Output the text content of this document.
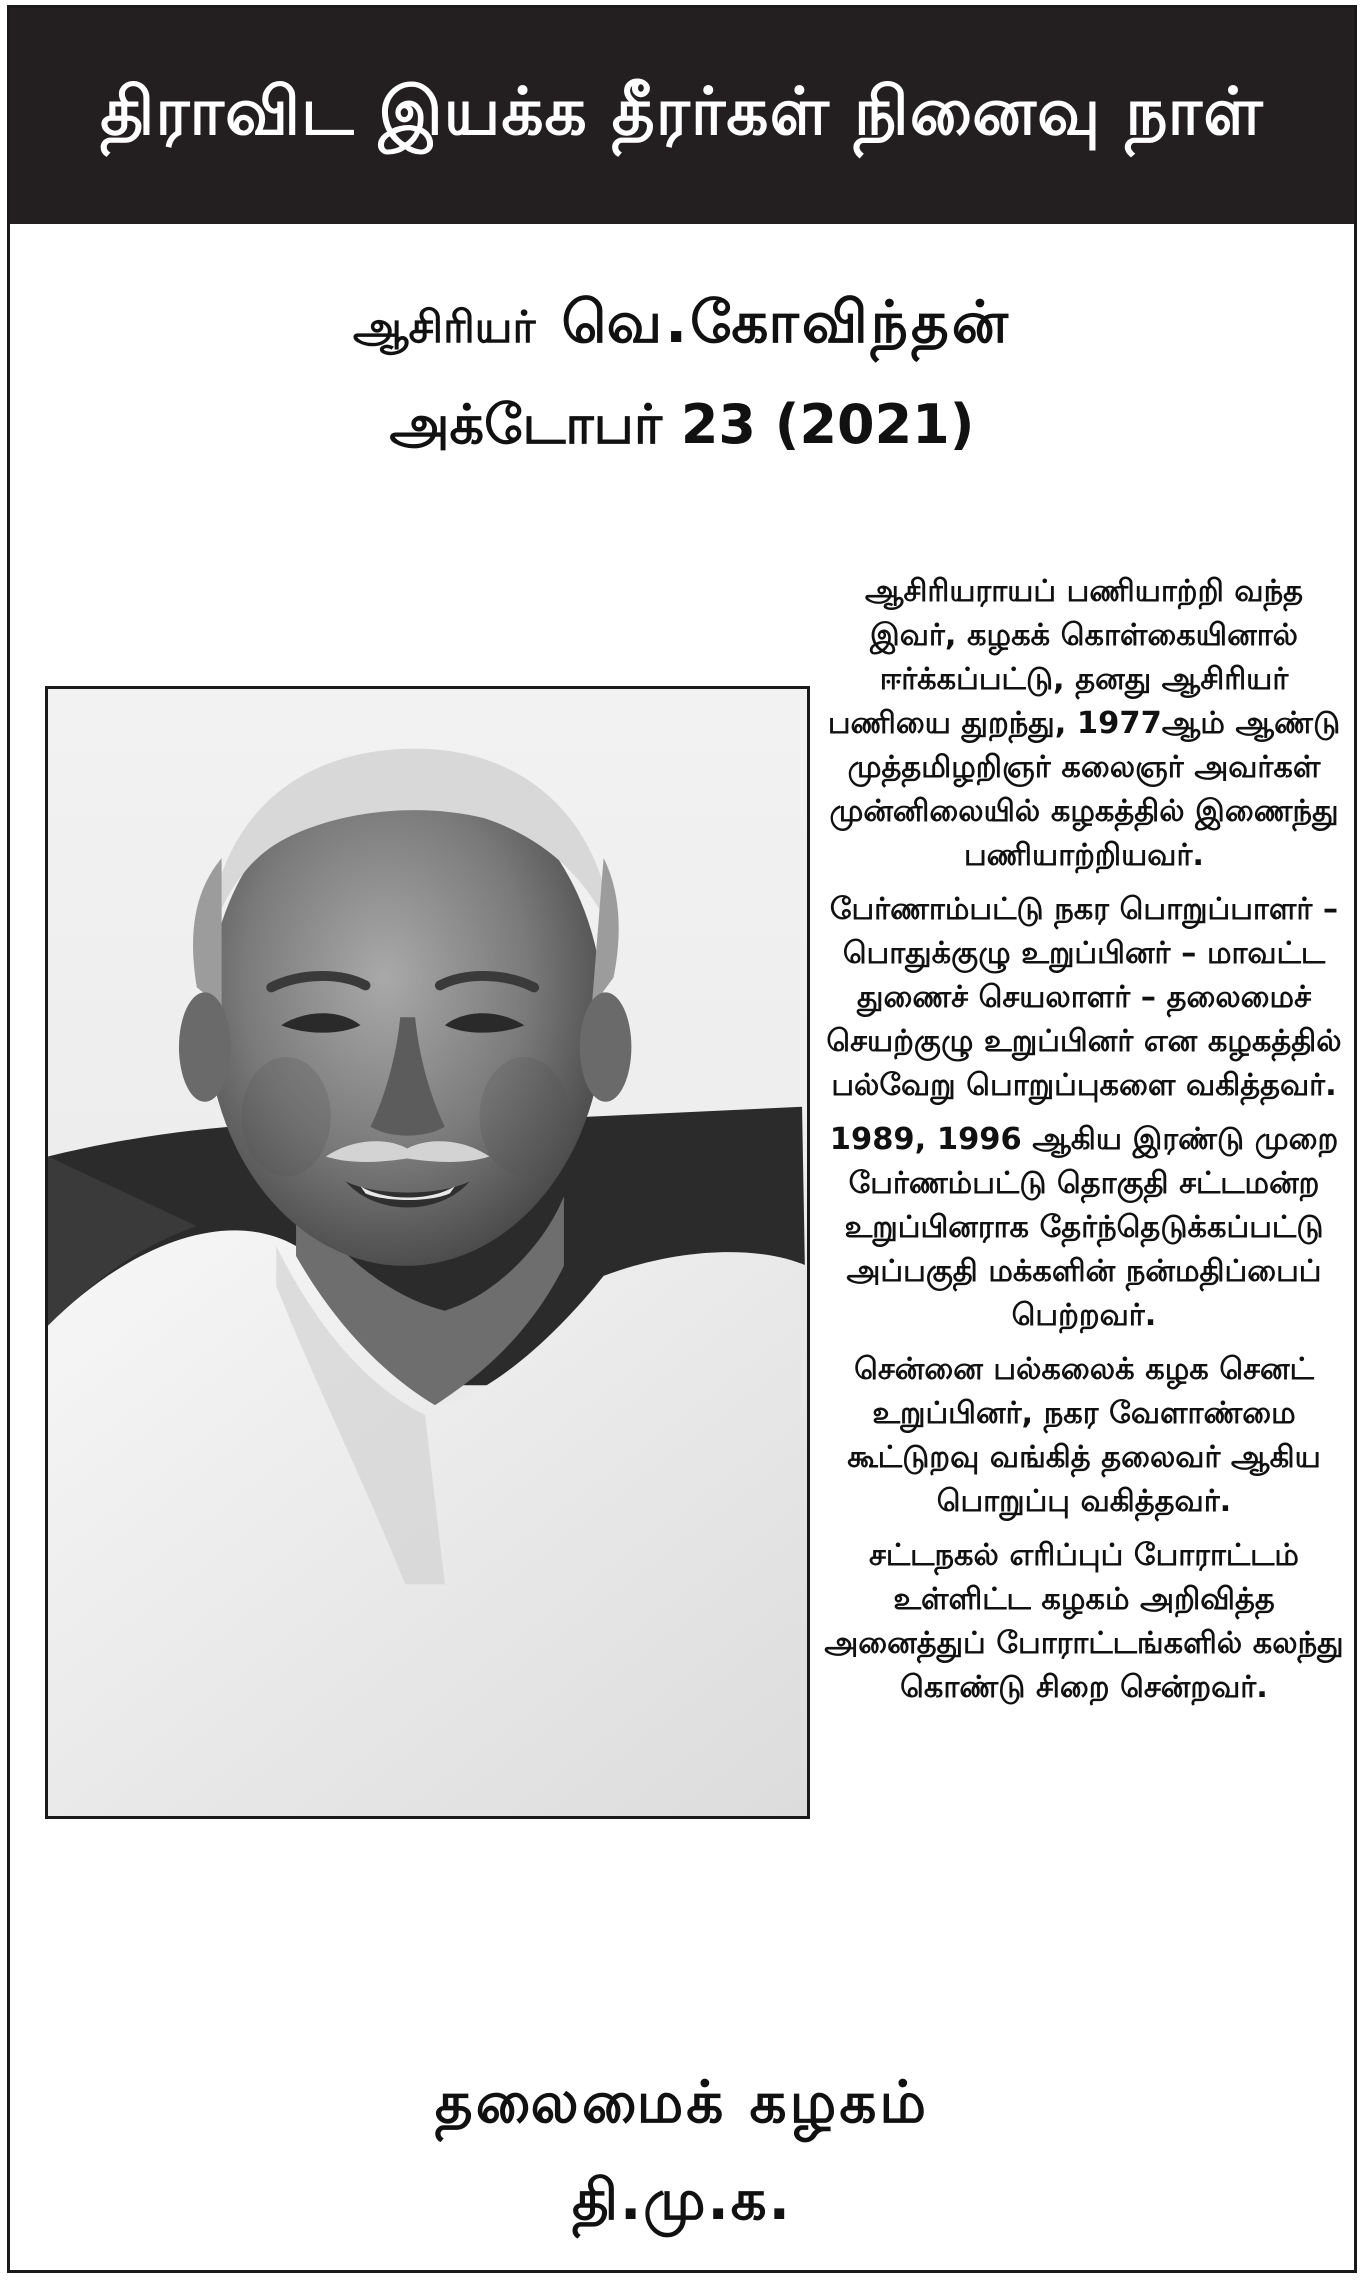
திராவிட இயக்க தீரர்கள் நினைவு நாள்
ஆசிரியர் வெ.கோவிந்தன்
அக்டோபர் 23 (2021)

ஆசிரியராயப் பணியாற்றி வந்த இவர், கழகக் கொள்கையினால் ஈர்க்கப்பட்டு, தனது ஆசிரியர் பணியை துறந்து, 1977ஆம் ஆண்டு முத்தமிழறிஞர் கலைஞர் அவர்கள் முன்னிலையில் கழகத்தில் இணைந்து பணியாற்றியவர்.

பேர்ணாம்பட்டு நகர பொறுப்பாளர் – பொதுக்குழு உறுப்பினர் – மாவட்ட துணைச் செயலாளர் – தலைமைச் செயற்குழு உறுப்பினர் என கழகத்தில் பல்வேறு பொறுப்புகளை வகித்தவர்.

1989, 1996 ஆகிய இரண்டு முறை பேர்ணம்பட்டு தொகுதி சட்டமன்ற உறுப்பினராக தேர்ந்தெடுக்கப்பட்டு அப்பகுதி மக்களின் நன்மதிப்பைப் பெற்றவர்.

சென்னை பல்கலைக் கழக செனட் உறுப்பினர், நகர வேளாண்மை கூட்டுறவு வங்கித் தலைவர் ஆகிய பொறுப்பு வகித்தவர்.

சட்டநகல் எரிப்புப் போராட்டம் உள்ளிட்ட கழகம் அறிவித்த அனைத்துப் போராட்டங்களில் கலந்து கொண்டு சிறை சென்றவர்.

தலைமைக் கழகம்
தி.மு.க.
